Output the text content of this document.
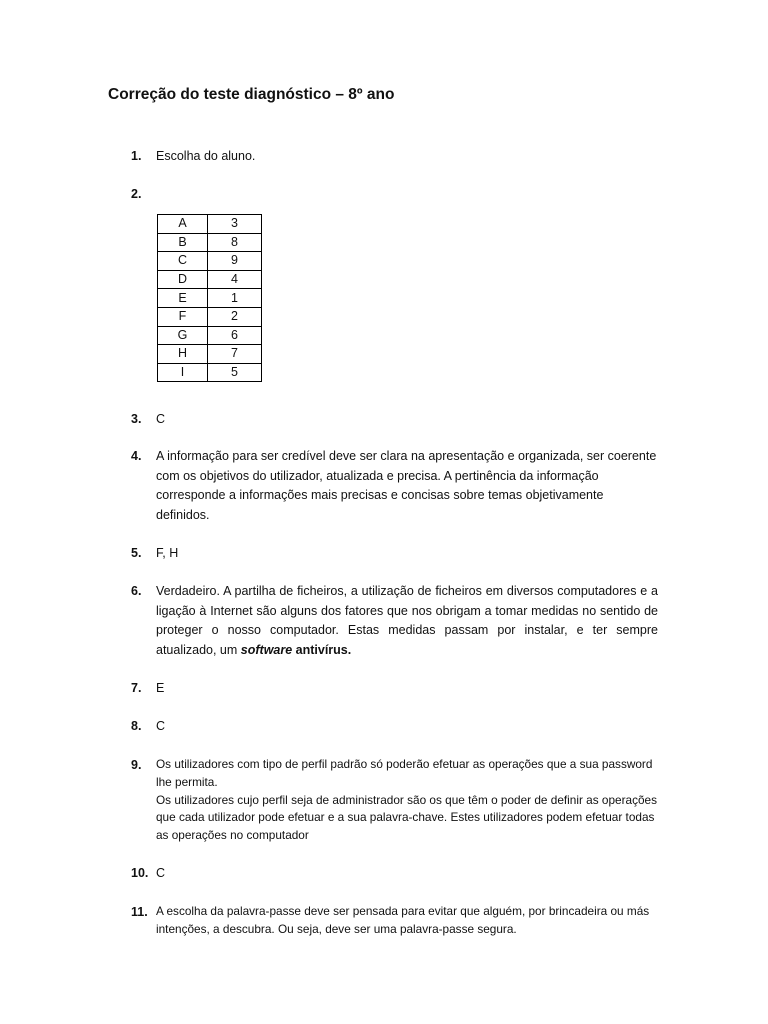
Correção do teste diagnóstico – 8º ano
1. Escolha do aluno.

2.
A	3
B	8
C	9
D	4
E	1
F	2
G	6
H	7
I	5
3. C

4. A informação para ser credível deve ser clara na apresentação e organizada, ser coerente com os objetivos do utilizador, atualizada e precisa. A pertinência da informação corresponde a informações mais precisas e concisas sobre temas objetivamente definidos.

5. F, H

6. Verdadeiro. A partilha de ficheiros, a utilização de ficheiros em diversos computadores e a ligação à Internet são alguns dos fatores que nos obrigam a tomar medidas no sentido de proteger o nosso computador. Estas medidas passam por instalar, e ter sempre atualizado, um software antivírus.

7. E

8. C

9. Os utilizadores com tipo de perfil padrão só poderão efetuar as operações que a sua password lhe permita.
Os utilizadores cujo perfil seja de administrador são os que têm o poder de definir as operações que cada utilizador pode efetuar e a sua palavra-chave. Estes utilizadores podem efetuar todas as operações no computador
10. C

11. A escolha da palavra-passe deve ser pensada para evitar que alguém, por brincadeira ou más intenções, a descubra. Ou seja, deve ser uma palavra-passe segura.
